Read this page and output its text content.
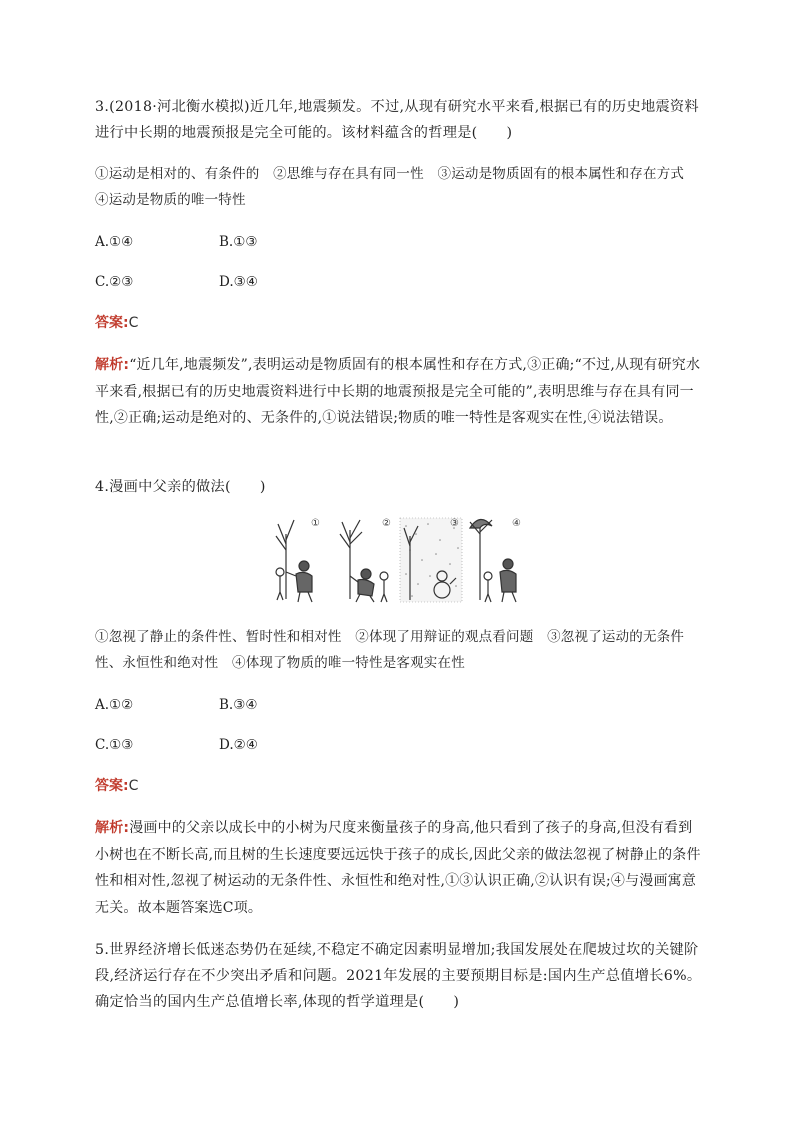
3.(2018·河北衡水模拟)近几年,地震频发。不过,从现有研究水平来看,根据已有的历史地震资料进行中长期的地震预报是完全可能的。该材料蕴含的哲理是(　　)
①运动是相对的、有条件的　②思维与存在具有同一性　③运动是物质固有的根本属性和存在方式　④运动是物质的唯一特性
A.①④	B.①③
C.②③	D.③④
答案:C
解析:“近几年,地震频发”,表明运动是物质固有的根本属性和存在方式,③正确;“不过,从现有研究水平来看,根据已有的历史地震资料进行中长期的地震预报是完全可能的”,表明思维与存在具有同一性,②正确;运动是绝对的、无条件的,①说法错误;物质的唯一特性是客观实在性,④说法错误。
4.漫画中父亲的做法(　　)
①	②	③	④
①忽视了静止的条件性、暂时性和相对性　②体现了用辩证的观点看问题　③忽视了运动的无条件性、永恒性和绝对性　④体现了物质的唯一特性是客观实在性
A.①②	B.③④
C.①③	D.②④
答案:C
解析:漫画中的父亲以成长中的小树为尺度来衡量孩子的身高,他只看到了孩子的身高,但没有看到小树也在不断长高,而且树的生长速度要远远快于孩子的成长,因此父亲的做法忽视了树静止的条件性和相对性,忽视了树运动的无条件性、永恒性和绝对性,①③认识正确,②认识有误;④与漫画寓意无关。故本题答案选C项。
5.世界经济增长低迷态势仍在延续,不稳定不确定因素明显增加;我国发展处在爬坡过坎的关键阶段,经济运行存在不少突出矛盾和问题。2021年发展的主要预期目标是:国内生产总值增长6%。确定恰当的国内生产总值增长率,体现的哲学道理是(　　)
